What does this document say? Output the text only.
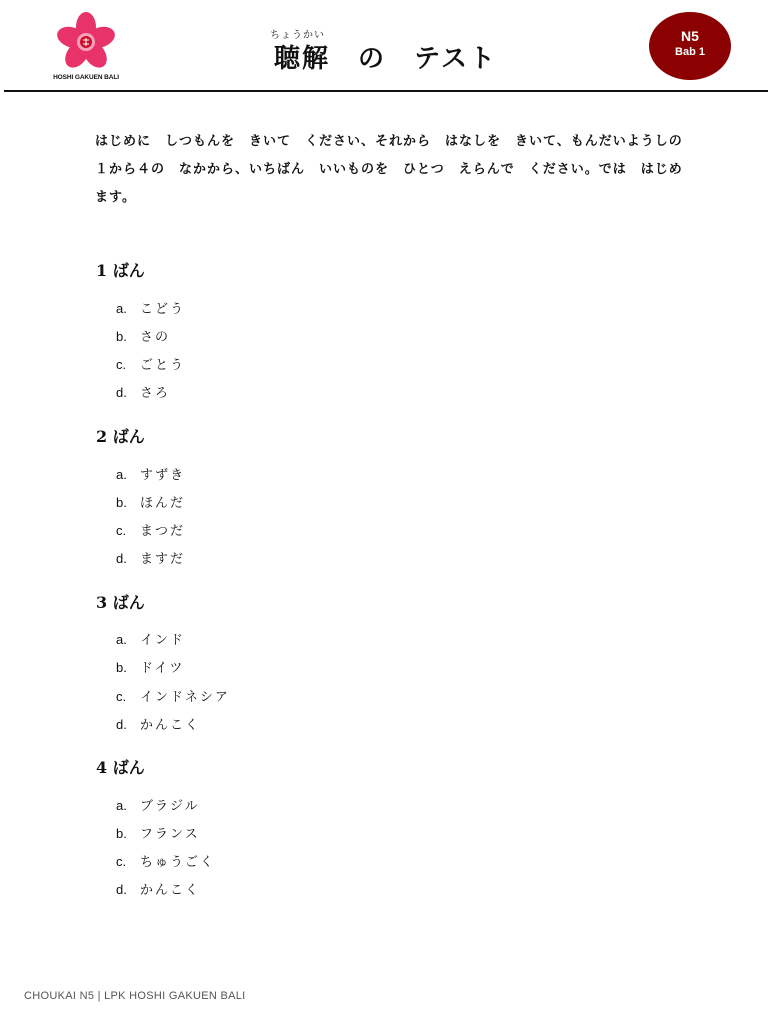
HOSHI GAKUEN BALI
ちょうかい
聴解　の　テスト
N5
Bab 1
はじめに　しつもんを　きいて　ください、それから　はなしを　きいて、もんだいようしの　１から４の　なかから、いちばん　いいものを　ひとつ　えらんで　ください。では　はじめます。
1 ばん
a. こどう
b. さの
c. ごとう
d. さろ
2 ばん
a. すずき
b. ほんだ
c. まつだ
d. ますだ
3 ばん
a. インド
b. ドイツ
c. インドネシア
d. かんこく
4 ばん
a. ブラジル
b. フランス
c. ちゅうごく
d. かんこく
CHOUKAI N5 | LPK HOSHI GAKUEN BALI
